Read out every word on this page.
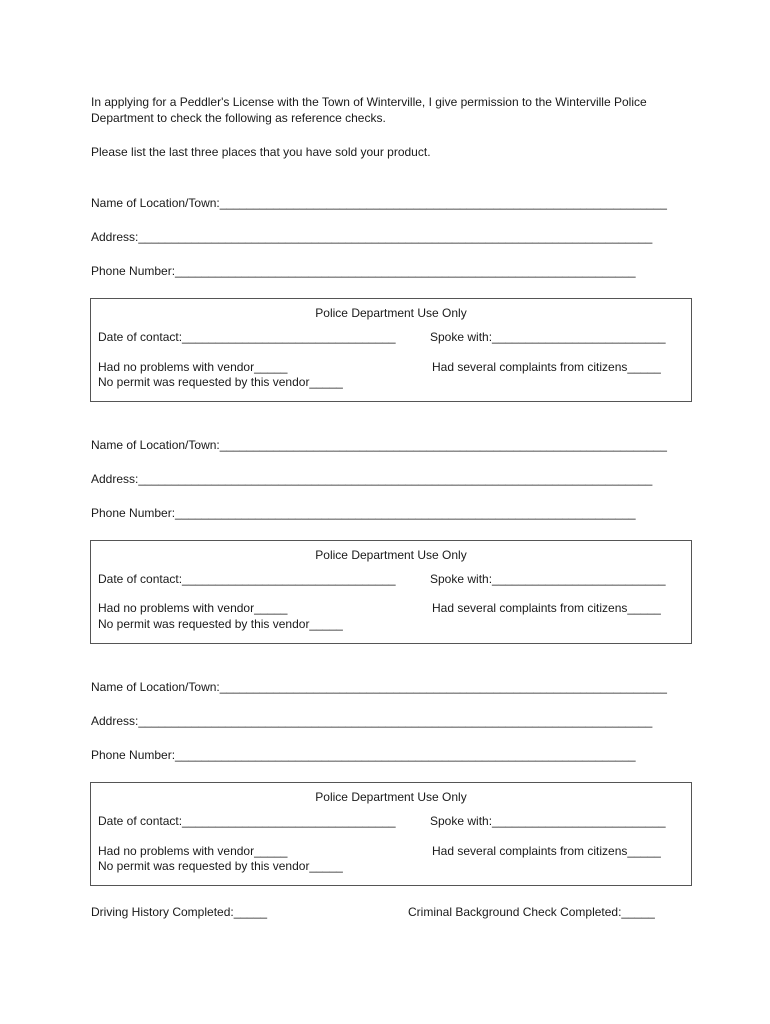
In applying for a Peddler's License with the Town of Winterville, I give permission to the Winterville Police Department to check the following as reference checks.

Please list the last three places that you have sold your product.

Name of Location/Town:___________________________________________________________________
Address:_____________________________________________________________________________
Phone Number:_____________________________________________________________________
Police Department Use Only
Date of contact:________________________________	Spoke with:__________________________
Had no problems with vendor_____	Had several complaints from citizens_____
No permit was requested by this vendor_____
Name of Location/Town:___________________________________________________________________
Address:_____________________________________________________________________________
Phone Number:_____________________________________________________________________
Police Department Use Only
Date of contact:________________________________	Spoke with:__________________________
Had no problems with vendor_____	Had several complaints from citizens_____
No permit was requested by this vendor_____
Name of Location/Town:___________________________________________________________________
Address:_____________________________________________________________________________
Phone Number:_____________________________________________________________________
Police Department Use Only
Date of contact:________________________________	Spoke with:__________________________
Had no problems with vendor_____	Had several complaints from citizens_____
No permit was requested by this vendor_____
Driving History Completed:_____	Criminal Background Check Completed:_____
